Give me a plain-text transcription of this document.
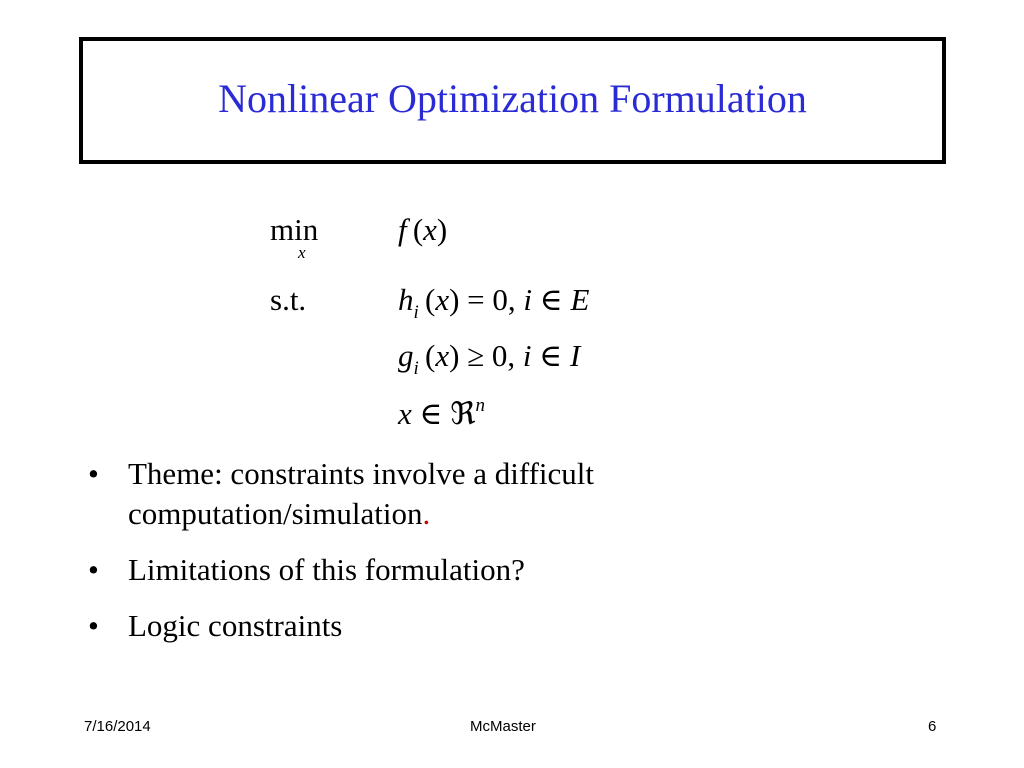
Nonlinear Optimization Formulation
min
x
f (x)
s.t.	$h_i$ (x) = 0, i ∈ E
$g_i$ (x) ≥ 0, i ∈ I
x ∈ ℜ$^n$
• Theme: constraints involve a difficult
computation/simulation.
• Limitations of this formulation?
• Logic constraints
7/16/2014	McMaster	6
